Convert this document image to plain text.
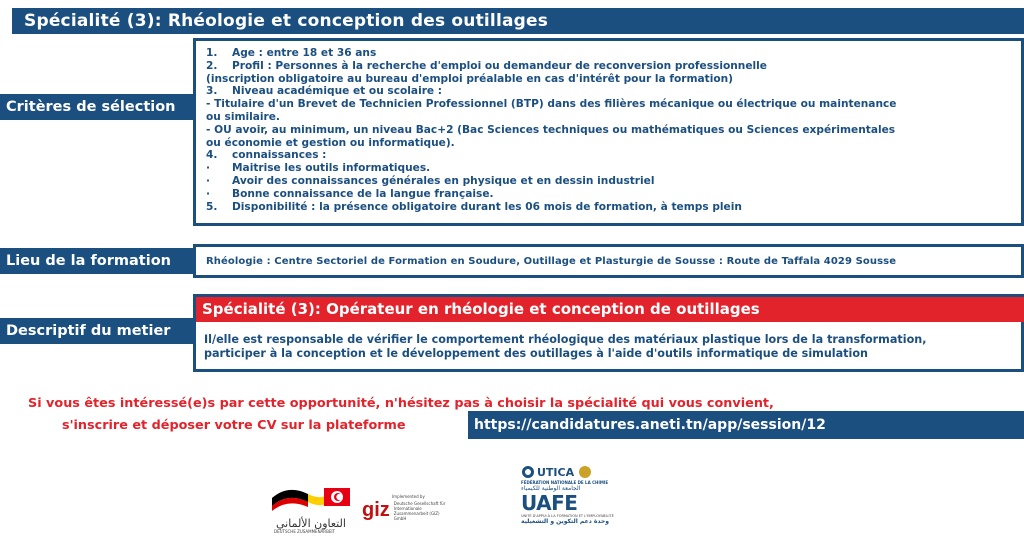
Spécialité (3): Rhéologie et conception des outillages
Critères de sélection
1. Age : entre 18 et 36 ans
2. Profil : Personnes à la recherche d'emploi ou demandeur de reconversion professionnelle
(inscription obligatoire au bureau d'emploi préalable en cas d'intérêt pour la formation)
3. Niveau académique et ou scolaire :
- Titulaire d'un Brevet de Technicien Professionnel (BTP) dans des filières mécanique ou électrique ou maintenance
ou similaire.
- OU avoir, au minimum, un niveau Bac+2 (Bac Sciences techniques ou mathématiques ou Sciences expérimentales
ou économie et gestion ou informatique).
4. connaissances :
· Maitrise les outils informatiques.
· Avoir des connaissances générales en physique et en dessin industriel
· Bonne connaissance de la langue française.
5. Disponibilité : la présence obligatoire durant les 06 mois de formation, à temps plein
Lieu de la formation	Rhéologie : Centre Sectoriel de Formation en Soudure, Outillage et Plasturgie de Sousse : Route de Taffala 4029 Sousse
Descriptif du metier
Spécialité (3): Opérateur en rhéologie et conception de outillages
Il/elle est responsable de vérifier le comportement rhéologique des matériaux plastique lors de la transformation,
participer à la conception et le développement des outillages à l'aide d'outils informatique de simulation
Si vous êtes intéressé(e)s par cette opportunité, n'hésitez pas à choisir la spécialité qui vous convient,
s'inscrire et déposer votre CV sur la plateforme	https://candidatures.aneti.tn/app/session/12
التعاون الألماني
DEUTSCHE ZUSAMMENARBEIT
Implemented by
giz Deutsche Gesellschaft für Internationale Zusammenarbeit (GIZ) GmbH
UTICA
FÉDÉRATION NATIONALE DE LA CHIMIE
الجامعة الوطنية للكيمياء
UAFE
UNITÉ D'APPUI À LA FORMATION ET L'EMPLOYABILITÉ
وحدة دعم التكوين و التشغيلية
